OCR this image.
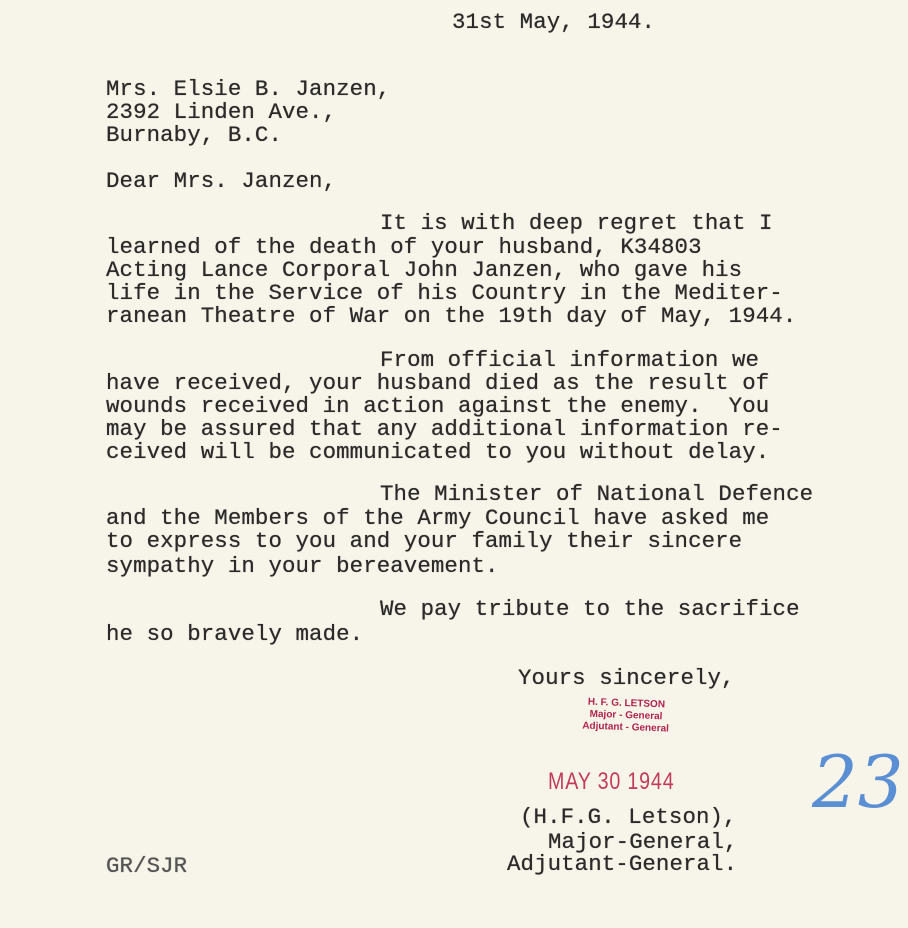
31st May, 1944.
Mrs. Elsie B. Janzen,
2392 Linden Ave.,
Burnaby, B.C.
Dear Mrs. Janzen,
It is with deep regret that I
learned of the death of your husband, K34803
Acting Lance Corporal John Janzen, who gave his
life in the Service of his Country in the Mediter-
ranean Theatre of War on the 19th day of May, 1944.
From official information we
have received, your husband died as the result of
wounds received in action against the enemy.  You
may be assured that any additional information re-
ceived will be communicated to you without delay.
The Minister of National Defence
and the Members of the Army Council have asked me
to express to you and your family their sincere
sympathy in your bereavement.
We pay tribute to the sacrifice
he so bravely made.
Yours sincerely,
H. F. G. LETSON
Major - General
Adjutant - General
MAY 30 1944
(H.F.G. Letson),
Major-General,
Adjutant-General.
GR/SJR
23
